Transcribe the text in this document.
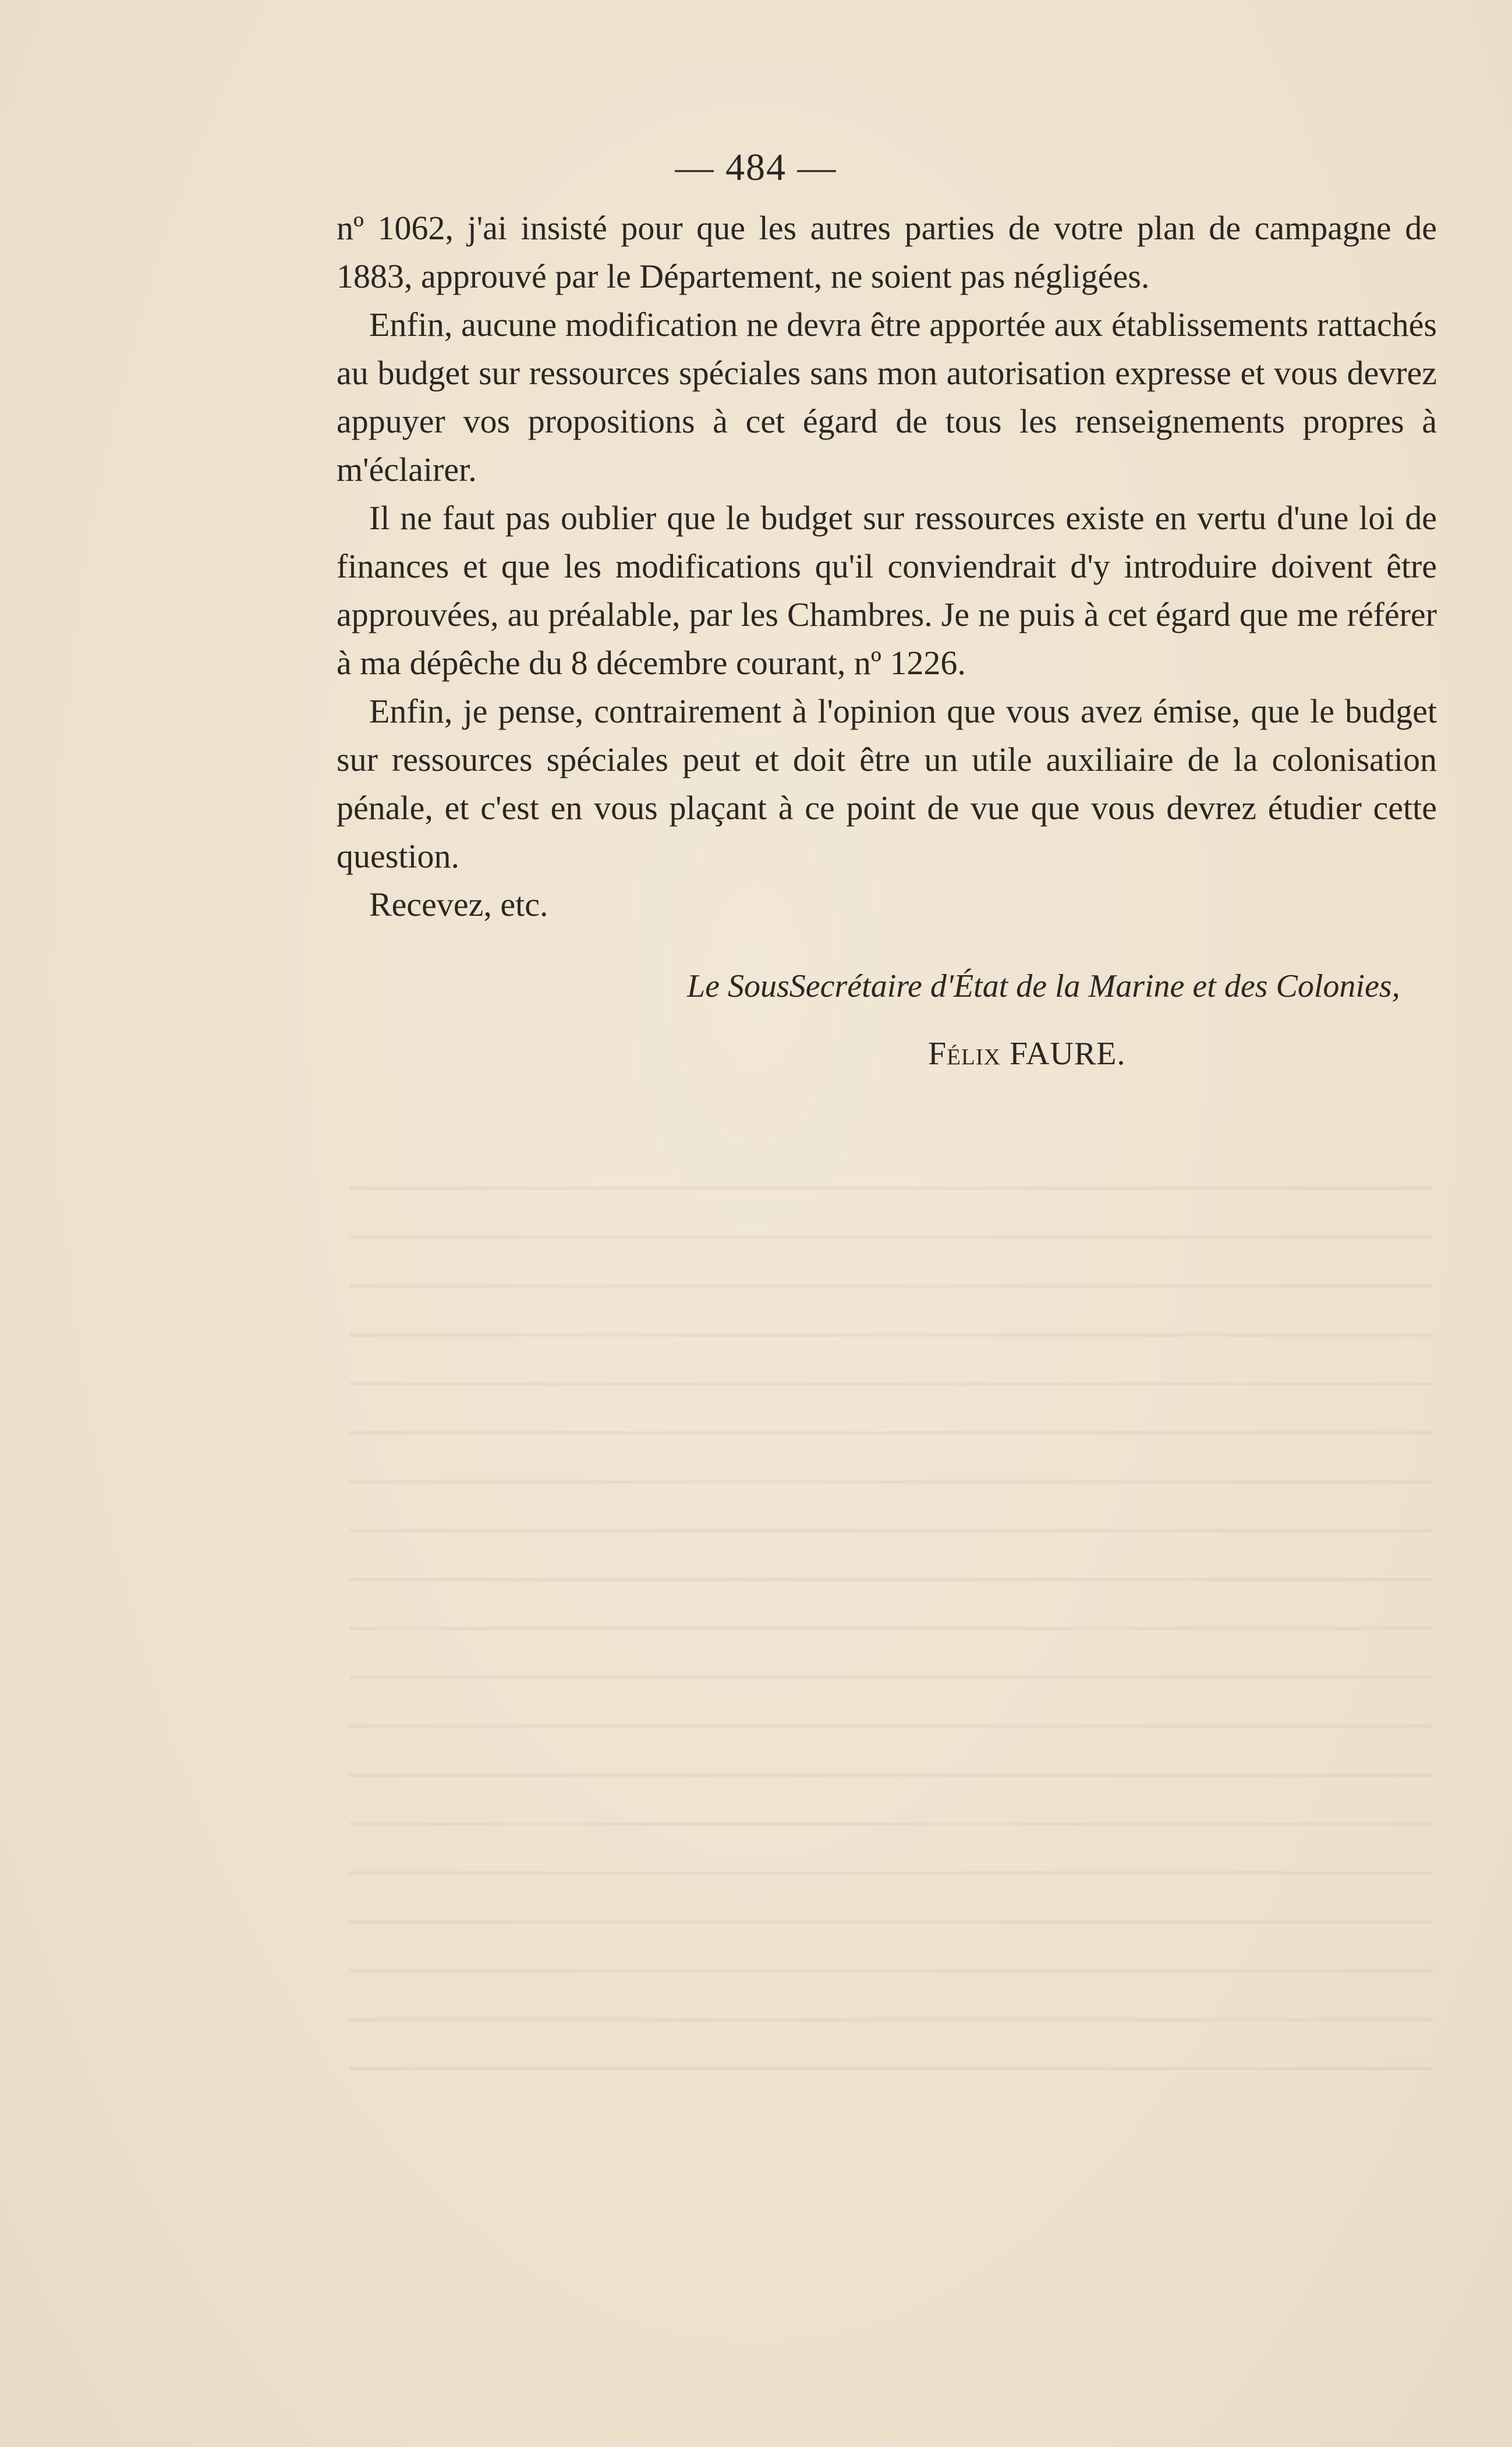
— 484 —

nº 1062, j'ai insisté pour que les autres parties de votre plan de campagne de 1883, approuvé par le Département, ne soient pas négligées.

Enfin, aucune modification ne devra être apportée aux établissements rattachés au budget sur ressources spéciales sans mon autorisation expresse et vous devrez appuyer vos propositions à cet égard de tous les renseignements propres à m'éclairer.

Il ne faut pas oublier que le budget sur ressources existe en vertu d'une loi de finances et que les modifications qu'il conviendrait d'y introduire doivent être approuvées, au préalable, par les Chambres. Je ne puis à cet égard que me référer à ma dépêche du 8 décembre courant, nº 1226.

Enfin, je pense, contrairement à l'opinion que vous avez émise, que le budget sur ressources spéciales peut et doit être un utile auxiliaire de la colonisation pénale, et c'est en vous plaçant à ce point de vue que vous devrez étudier cette question.

Recevez, etc.

Le SousSecrétaire d'État de la Marine et des Colonies,
Félix FAURE.
